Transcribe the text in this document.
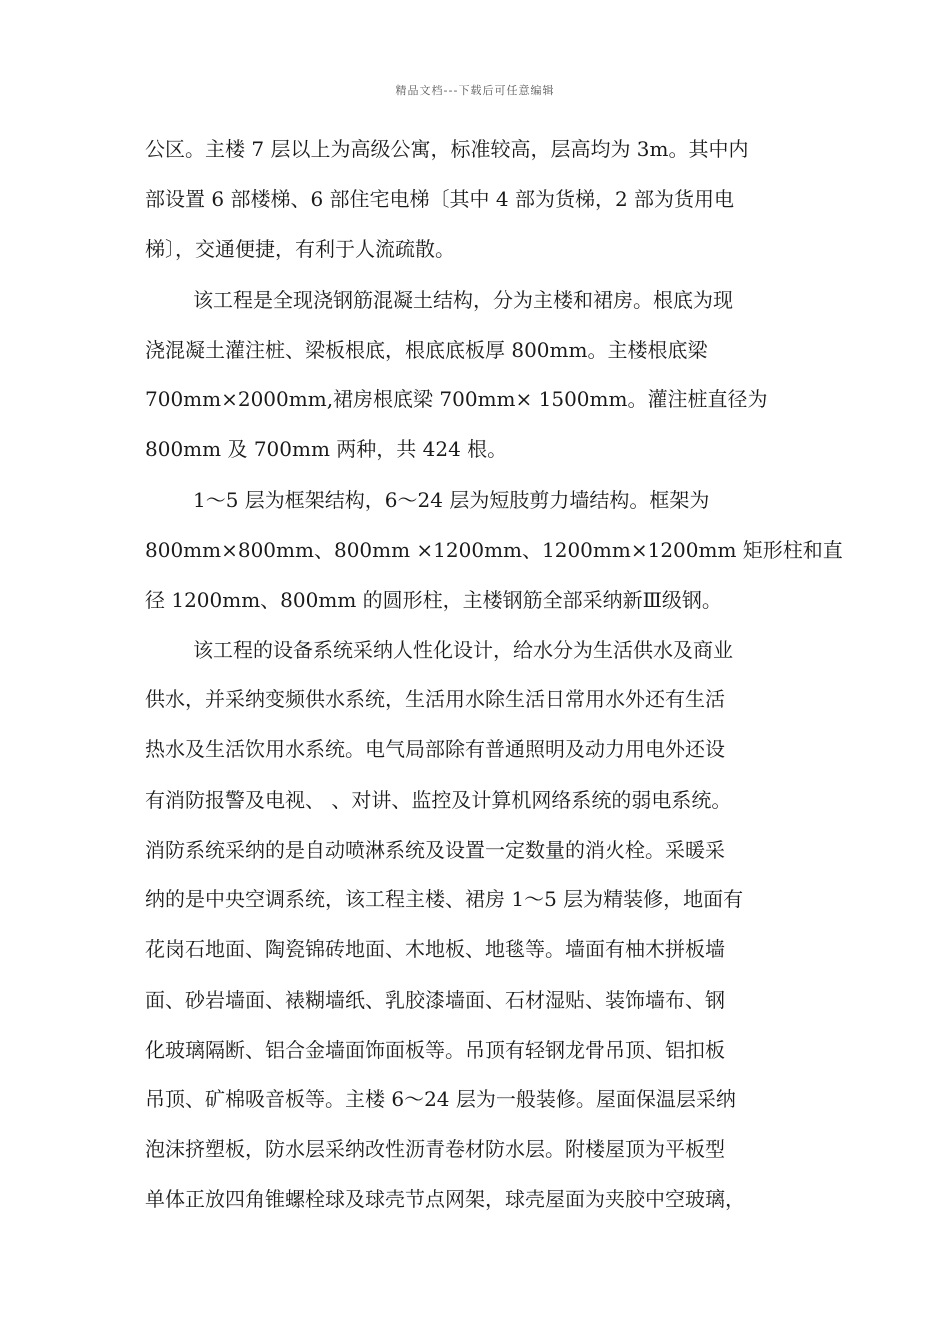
精品文档---下载后可任意编辑
公区。主楼 7 层以上为高级公寓，标准较高，层高均为 3m。其中内
部设置 6 部楼梯、6 部住宅电梯〔其中 4 部为货梯，2 部为货用电
梯〕，交通便捷，有利于人流疏散。
该工程是全现浇钢筋混凝土结构，分为主楼和裙房。根底为现
浇混凝土灌注桩、梁板根底，根底底板厚 800mm。主楼根底梁
700mm×2000mm,裙房根底梁 700mm× 1500mm。灌注桩直径为
800mm 及 700mm 两种，共 424 根。
1～5 层为框架结构，6～24 层为短肢剪力墙结构。框架为
800mm×800mm、800mm ×1200mm、1200mm×1200mm 矩形柱和直
径 1200mm、800mm 的圆形柱，主楼钢筋全部采纳新Ⅲ级钢。
该工程的设备系统采纳人性化设计，给水分为生活供水及商业
供水，并采纳变频供水系统，生活用水除生活日常用水外还有生活
热水及生活饮用水系统。电气局部除有普通照明及动力用电外还设
有消防报警及电视、 、对讲、监控及计算机网络系统的弱电系统。
消防系统采纳的是自动喷淋系统及设置一定数量的消火栓。采暖采
纳的是中央空调系统，该工程主楼、裙房 1～5 层为精装修，地面有
花岗石地面、陶瓷锦砖地面、木地板、地毯等。墙面有柚木拼板墙
面、砂岩墙面、裱糊墙纸、乳胶漆墙面、石材湿贴、装饰墙布、钢
化玻璃隔断、铝合金墙面饰面板等。吊顶有轻钢龙骨吊顶、铝扣板
吊顶、矿棉吸音板等。主楼 6～24 层为一般装修。屋面保温层采纳
泡沫挤塑板，防水层采纳改性沥青卷材防水层。附楼屋顶为平板型
单体正放四角锥螺栓球及球壳节点网架，球壳屋面为夹胶中空玻璃，
